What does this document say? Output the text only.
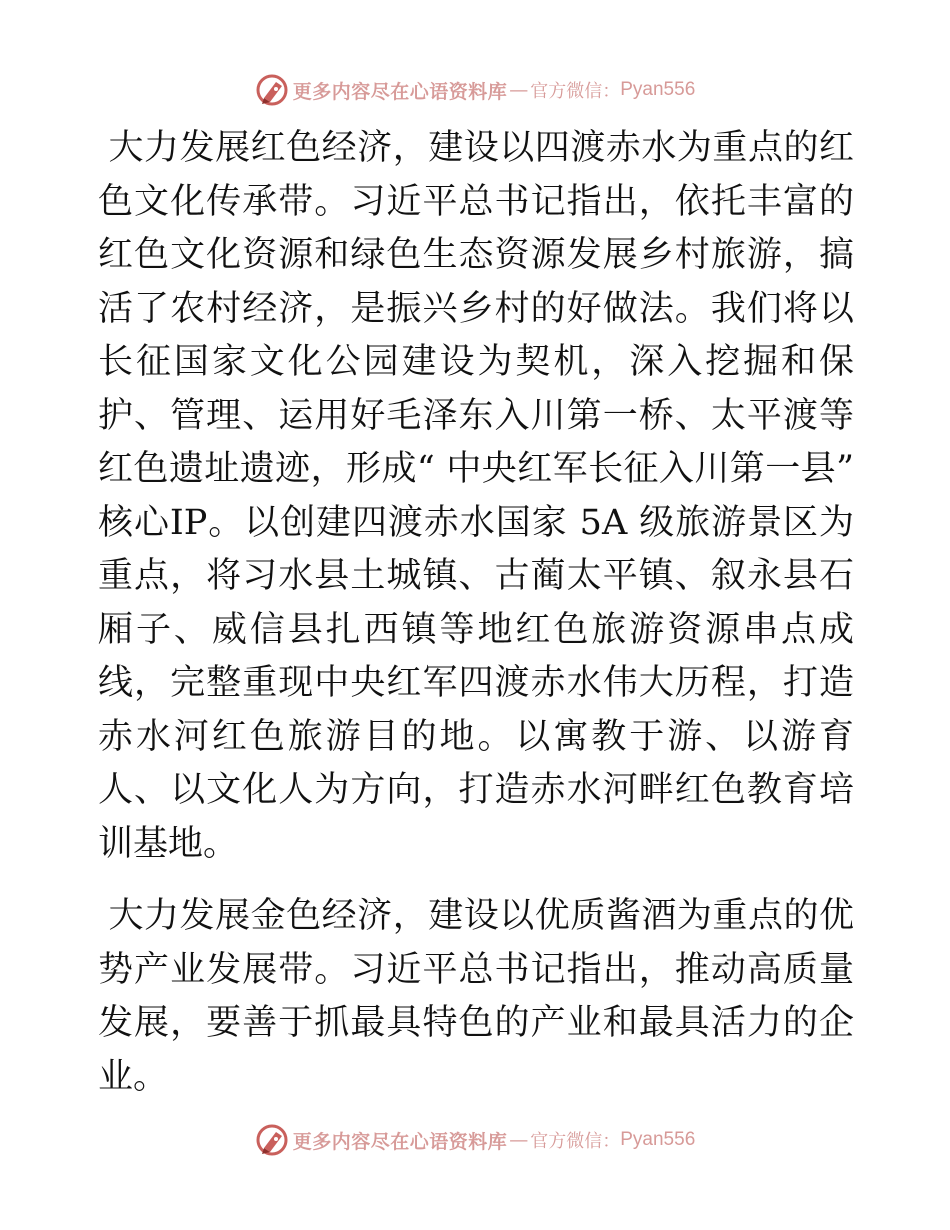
更多内容尽在心语资料库 — 官方微信： Pyan556

大力发展红色经济，建设以四渡赤水为重点的红色文化传承带。习近平总书记指出，依托丰富的红色文化资源和绿色生态资源发展乡村旅游，搞活了农村经济，是振兴乡村的好做法。我们将以长征国家文化公园建设为契机，深入挖掘和保护、管理、运用好毛泽东入川第一桥、太平渡等红色遗址遗迹，形成“ 中央红军长征入川第一县” 核心IP。以创建四渡赤水国家 5A 级旅游景区为重点，将习水县土城镇、古蔺太平镇、叙永县石厢子、威信县扎西镇等地红色旅游资源串点成线，完整重现中央红军四渡赤水伟大历程，打造赤水河红色旅游目的地。以寓教于游、以游育人、以文化人为方向，打造赤水河畔红色教育培训基地。

大力发展金色经济，建设以优质酱酒为重点的优势产业发展带。习近平总书记指出，推动高质量发展，要善于抓最具特色的产业和最具活力的企业。

更多内容尽在心语资料库 — 官方微信： Pyan556
